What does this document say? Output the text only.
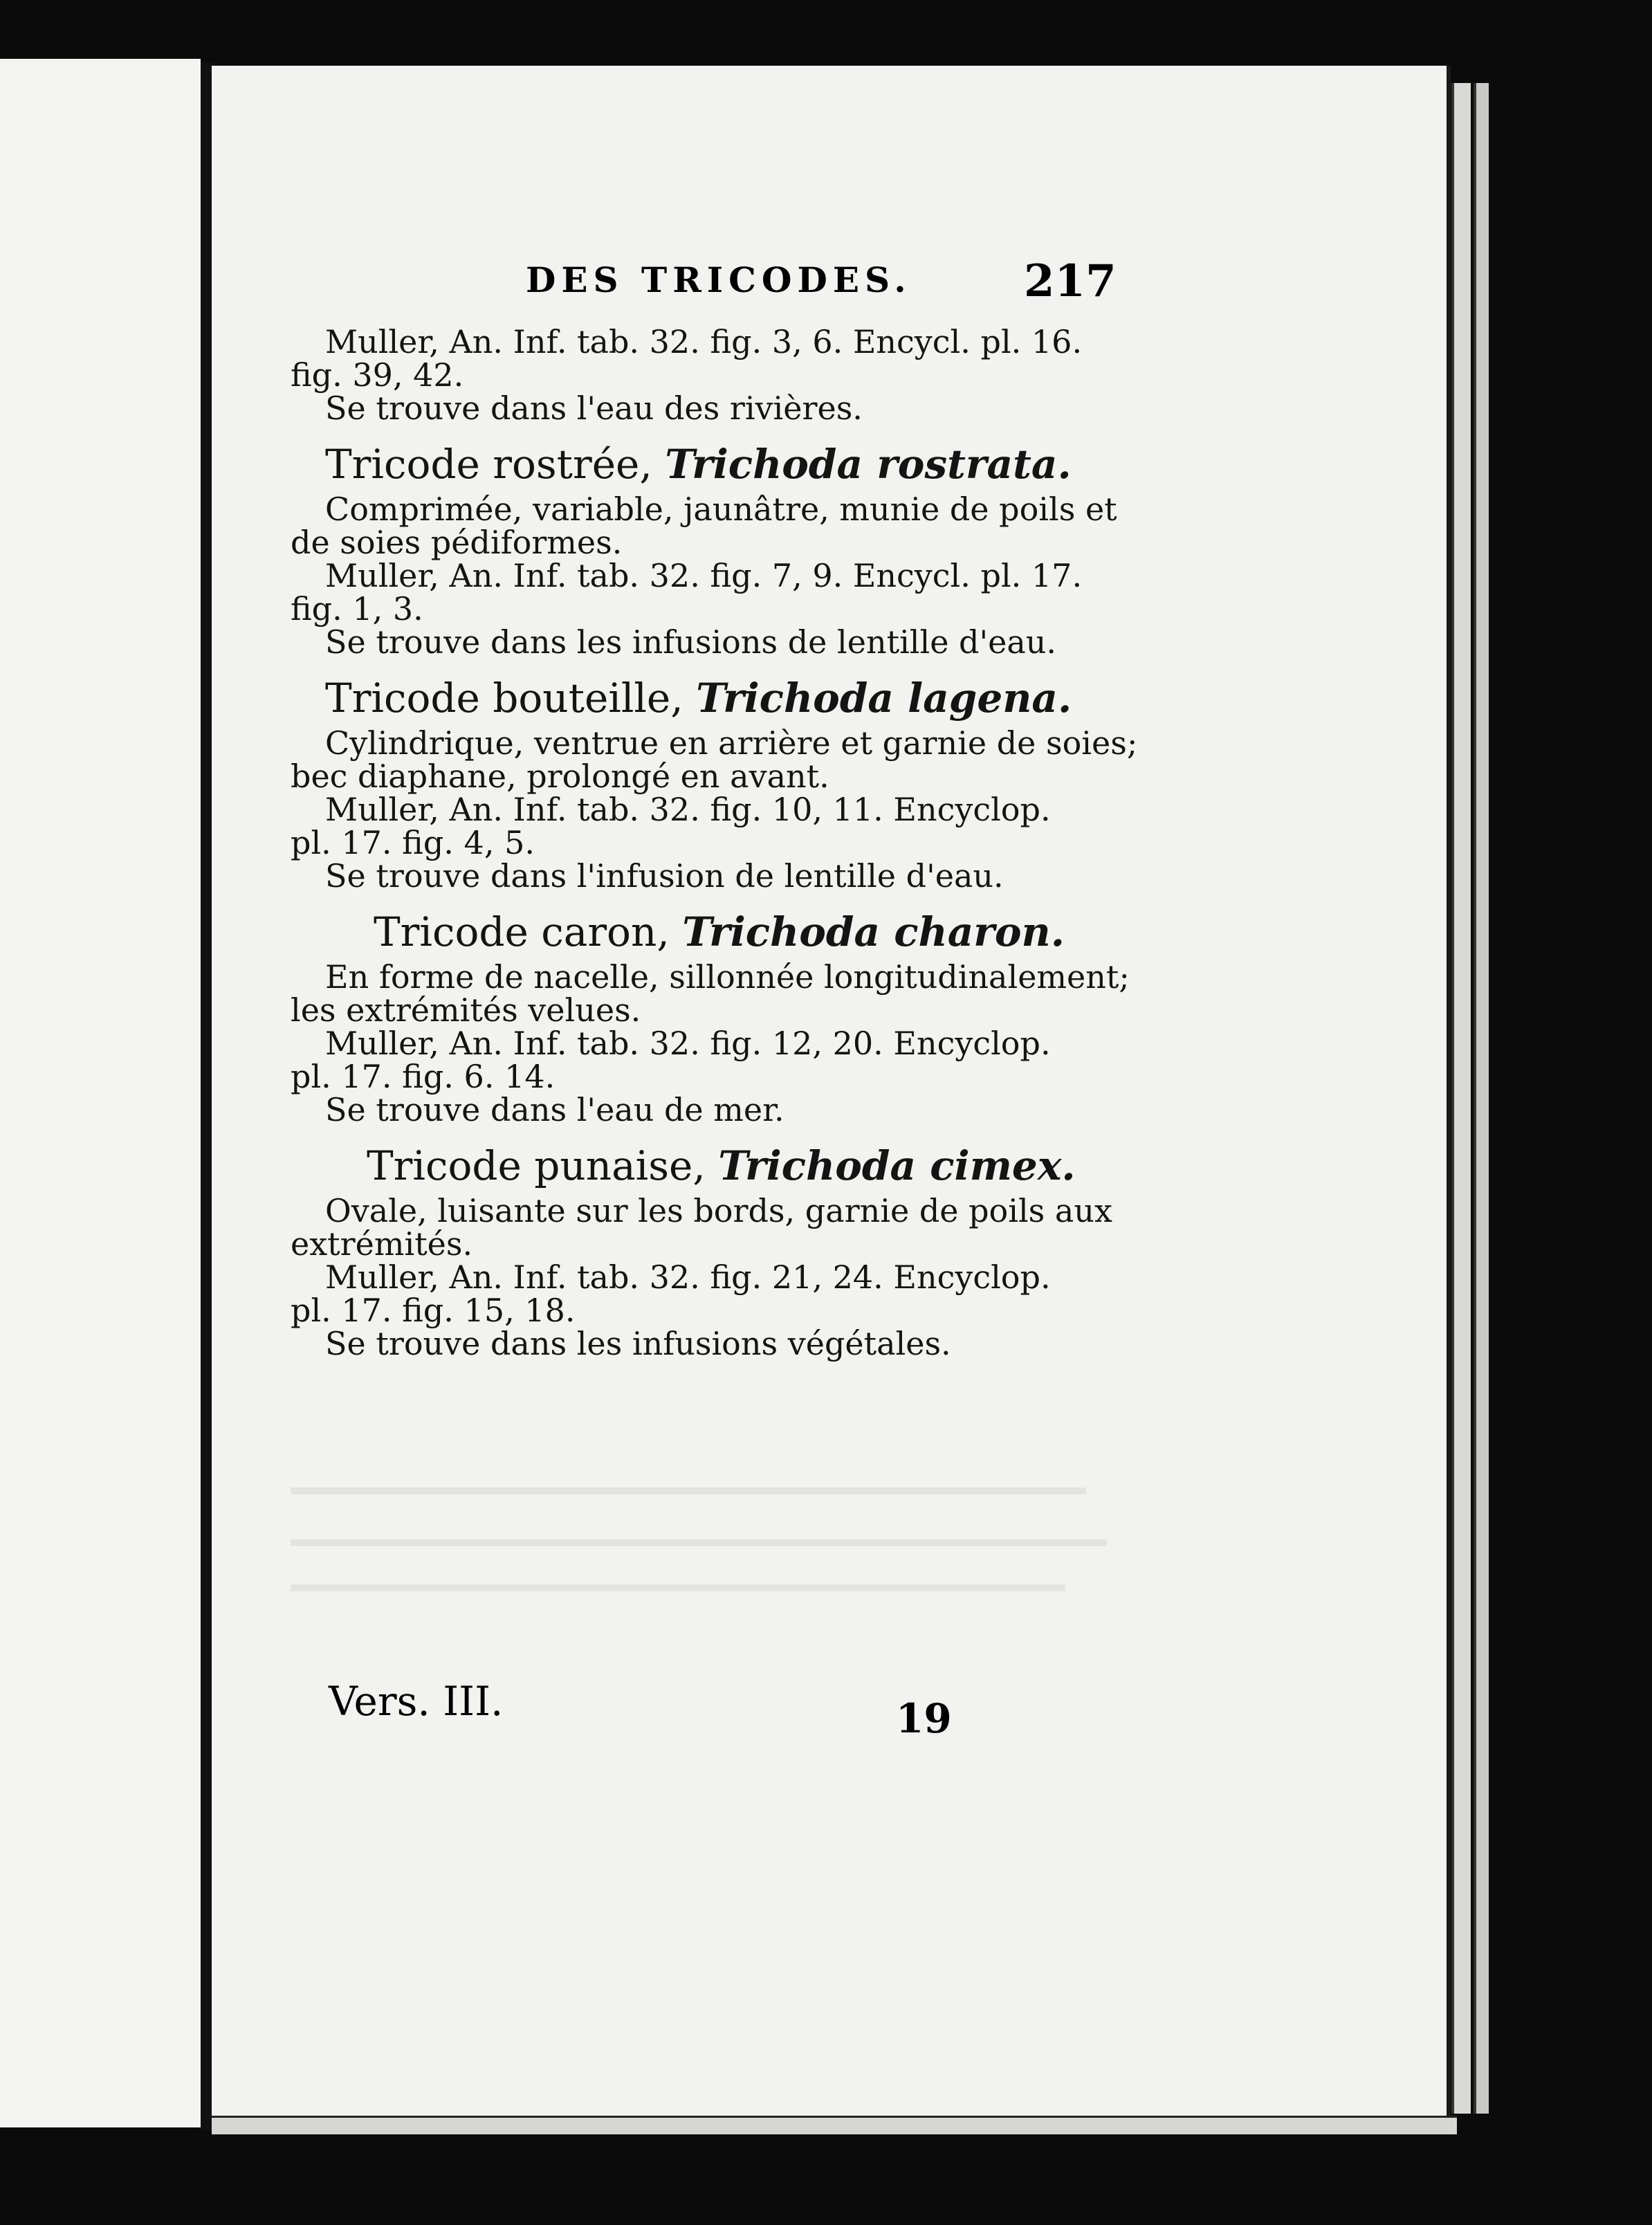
DES TRICODES.	217
Muller, An. Inf. tab. 32. fig. 3, 6. Encycl. pl. 16.
fig. 39, 42.
Se trouve dans l'eau des rivières.
Tricode rostrée, Trichoda rostrata.
Comprimée, variable, jaunâtre, munie de poils et
de soies pédiformes.
Muller, An. Inf. tab. 32. fig. 7, 9. Encycl. pl. 17.
fig. 1, 3.
Se trouve dans les infusions de lentille d'eau.
Tricode bouteille, Trichoda lagena.
Cylindrique, ventrue en arrière et garnie de soies;
bec diaphane, prolongé en avant.
Muller, An. Inf. tab. 32. fig. 10, 11. Encyclop.
pl. 17. fig. 4, 5.
Se trouve dans l'infusion de lentille d'eau.
Tricode caron, Trichoda charon.
En forme de nacelle, sillonnée longitudinalement;
les extrémités velues.
Muller, An. Inf. tab. 32. fig. 12, 20. Encyclop.
pl. 17. fig. 6. 14.
Se trouve dans l'eau de mer.
Tricode punaise, Trichoda cimex.
Ovale, luisante sur les bords, garnie de poils aux
extrémités.
Muller, An. Inf. tab. 32. fig. 21, 24. Encyclop.
pl. 17. fig. 15, 18.
Se trouve dans les infusions végétales.
Vers. III.	19
